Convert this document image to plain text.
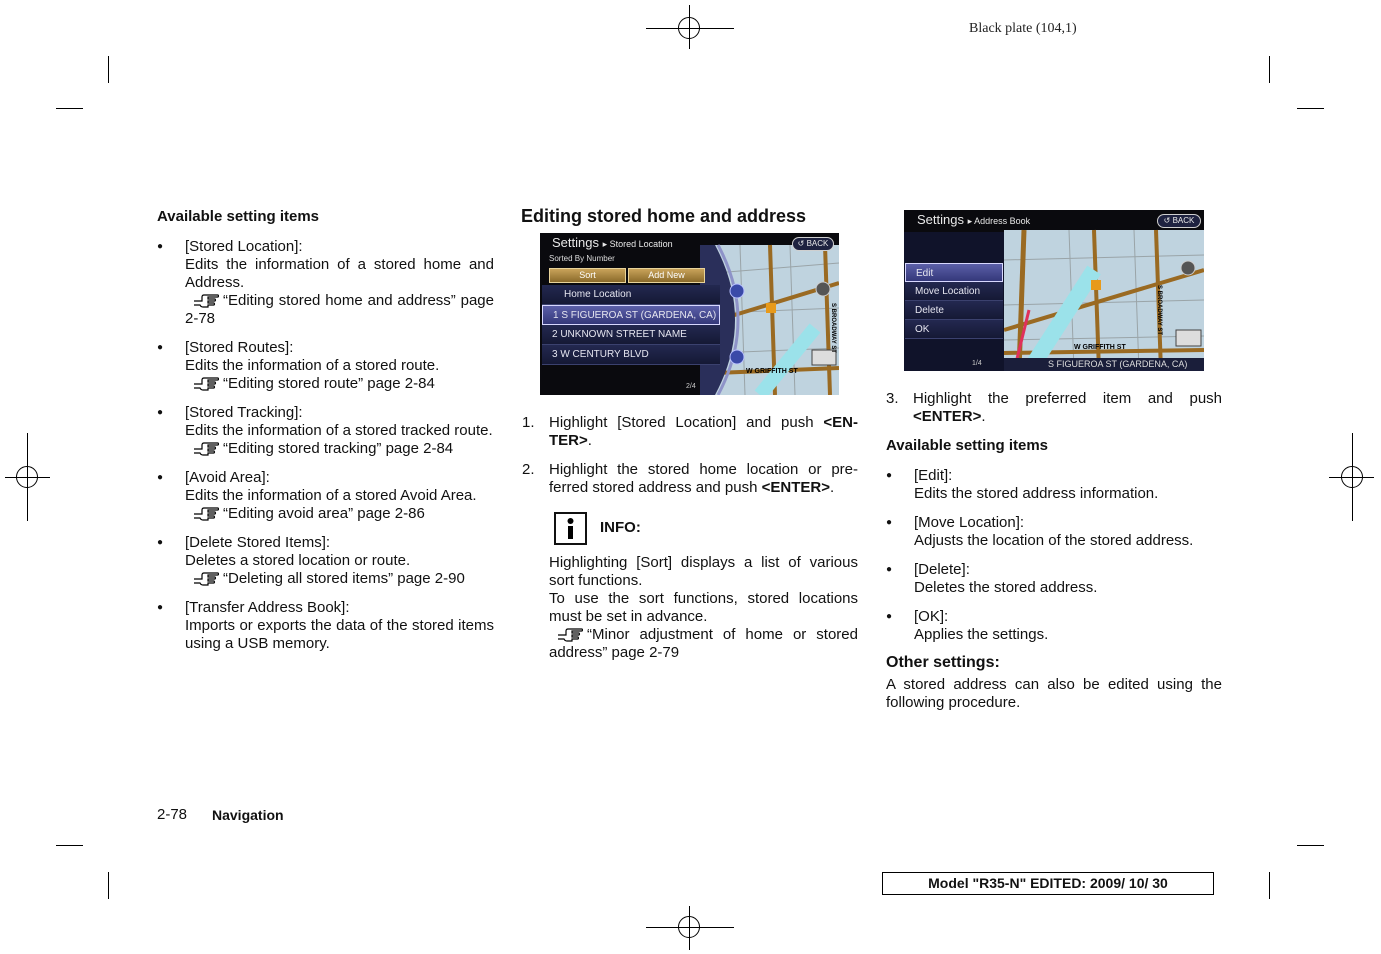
Black plate (104,1)
Available setting items
● [Stored Location]:
Edits the information of a stored home and Address.
“Editing stored home and address” page 2-78
● [Stored Routes]:
Edits the information of a stored route.
“Editing stored route” page 2-84
● [Stored Tracking]:
Edits the information of a stored tracked route.
“Editing stored tracking” page 2-84
● [Avoid Area]:
Edits the information of a stored Avoid Area.
“Editing avoid area” page 2-86
● [Delete Stored Items]:
Deletes a stored location or route.
“Deleting all stored items” page 2-90
● [Transfer Address Book]:
Imports or exports the data of the stored items using a USB memory.
Editing stored home and address
Settings ▸ Stored Location	↺ BACK
Sorted By Number
Sort	Add New
Home Location
1 S FIGUEROA ST (GARDENA, CA)
2 UNKNOWN STREET NAME
3 W CENTURY BLVD
2/4
S BROADWAY ST
W GRIFFITH ST
1. Highlight [Stored Location] and push <EN-TER>.
2. Highlight the stored home location or pre-ferred stored address and push <ENTER>.
INFO:
Highlighting [Sort] displays a list of various sort functions.
To use the sort functions, stored locations must be set in advance.
“Minor adjustment of home or stored address” page 2-79
Settings ▸ Address Book	↺ BACK
Edit
Move Location
Delete
OK
1/4	S FIGUEROA ST (GARDENA, CA)
S BROADWAY ST
W GRIFFITH ST
3. Highlight the preferred item and push <ENTER>.
Available setting items
● [Edit]:
Edits the stored address information.
● [Move Location]:
Adjusts the location of the stored address.
● [Delete]:
Deletes the stored address.
● [OK]:
Applies the settings.
Other settings:
A stored address can also be edited using the following procedure.
2-78 Navigation
Model "R35-N" EDITED: 2009/ 10/ 30
